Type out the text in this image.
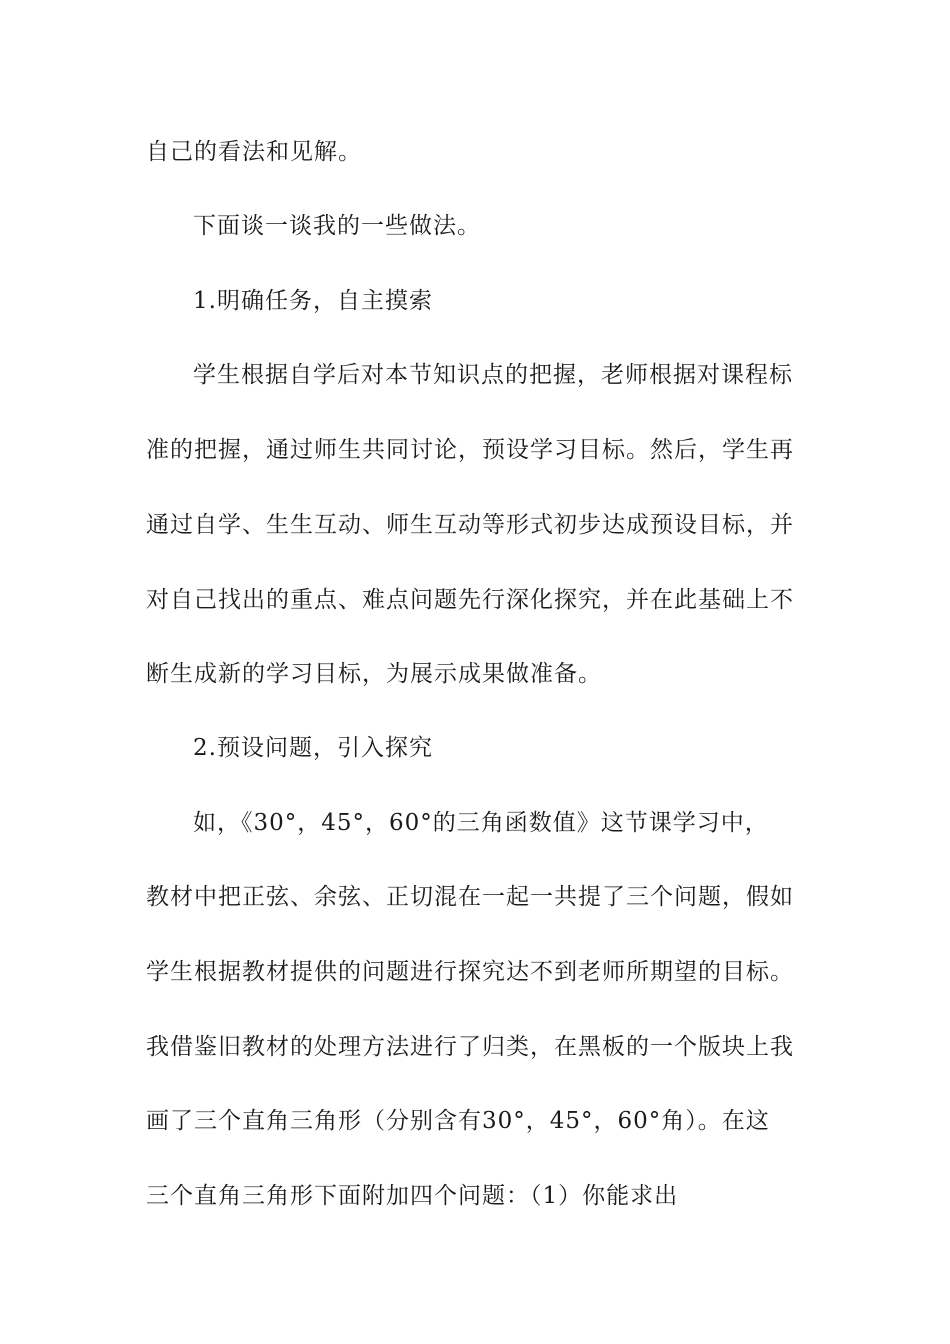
自己的看法和见解。
下面谈一谈我的一些做法。
1.明确任务，自主摸索
学生根据自学后对本节知识点的把握，老师根据对课程标
准的把握，通过师生共同讨论，预设学习目标。然后，学生再
通过自学、生生互动、师生互动等形式初步达成预设目标，并
对自己找出的重点、难点问题先行深化探究，并在此基础上不
断生成新的学习目标，为展示成果做准备。
2.预设问题，引入探究
如，《30°，45°，60°的三角函数值》这节课学习中，
教材中把正弦、余弦、正切混在一起一共提了三个问题，假如
学生根据教材提供的问题进行探究达不到老师所期望的目标。
我借鉴旧教材的处理方法进行了归类，在黑板的一个版块上我
画了三个直角三角形（分别含有30°，45°，60°角）。在这
三个直角三角形下面附加四个问题：（1）你能求出
